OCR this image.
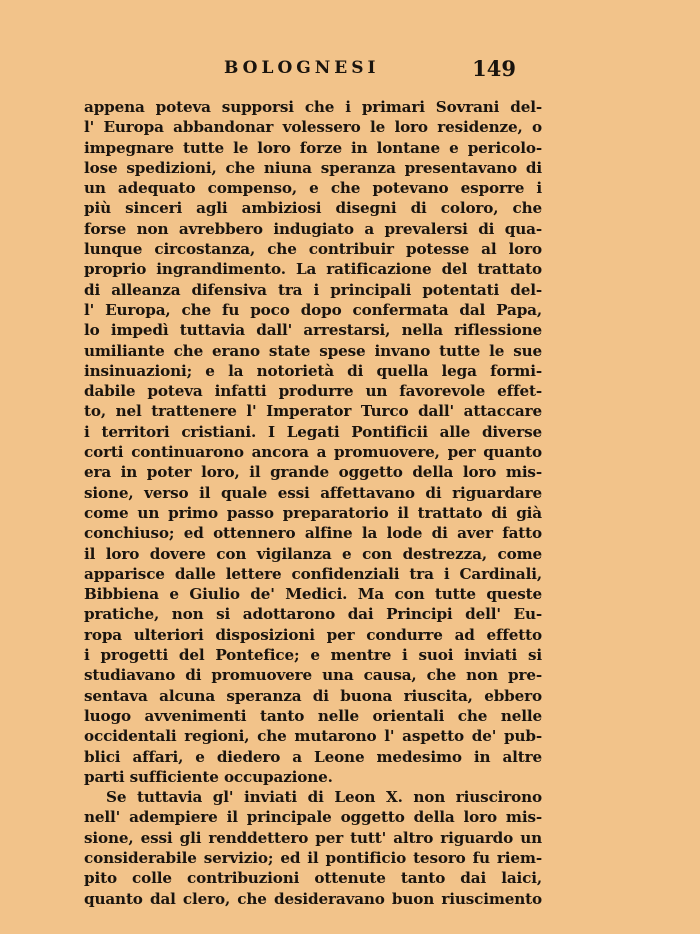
BOLOGNESI	149
appena poteva supporsi che i primari Sovrani del-
l' Europa abbandonar volessero le loro residenze, o
impegnare tutte le loro forze in lontane e pericolo-
lose spedizioni, che niuna speranza presentavano di
un adequato compenso, e che potevano esporre i
più sinceri agli ambiziosi disegni di coloro, che
forse non avrebbero indugiato a prevalersi di qua-
lunque circostanza, che contribuir potesse al loro
proprio ingrandimento. La ratificazione del trattato
di alleanza difensiva tra i principali potentati del-
l' Europa, che fu poco dopo confermata dal Papa,
lo impedì tuttavia dall' arrestarsi, nella riflessione
umiliante che erano state spese invano tutte le sue
insinuazioni; e la notorietà di quella lega formi-
dabile poteva infatti produrre un favorevole effet-
to, nel trattenere l' Imperator Turco dall' attaccare
i territori cristiani. I Legati Pontificii alle diverse
corti continuarono ancora a promuovere, per quanto
era in poter loro, il grande oggetto della loro mis-
sione, verso il quale essi affettavano di riguardare
come un primo passo preparatorio il trattato di già
conchiuso; ed ottennero alfine la lode di aver fatto
il loro dovere con vigilanza e con destrezza, come
apparisce dalle lettere confidenziali tra i Cardinali,
Bibbiena e Giulio de' Medici. Ma con tutte queste
pratiche, non si adottarono dai Principi dell' Eu-
ropa ulteriori disposizioni per condurre ad effetto
i progetti del Pontefice; e mentre i suoi inviati si
studiavano di promuovere una causa, che non pre-
sentava alcuna speranza di buona riuscita, ebbero
luogo avvenimenti tanto nelle orientali che nelle
occidentali regioni, che mutarono l' aspetto de' pub-
blici affari, e diedero a Leone medesimo in altre
parti sufficiente occupazione.
Se tuttavia gl' inviati di Leon X. non riuscirono
nell' adempiere il principale oggetto della loro mis-
sione, essi gli renddettero per tutt' altro riguardo un
considerabile servizio; ed il pontificio tesoro fu riem-
pito colle contribuzioni ottenute tanto dai laici,
quanto dal clero, che desideravano buon riuscimento
